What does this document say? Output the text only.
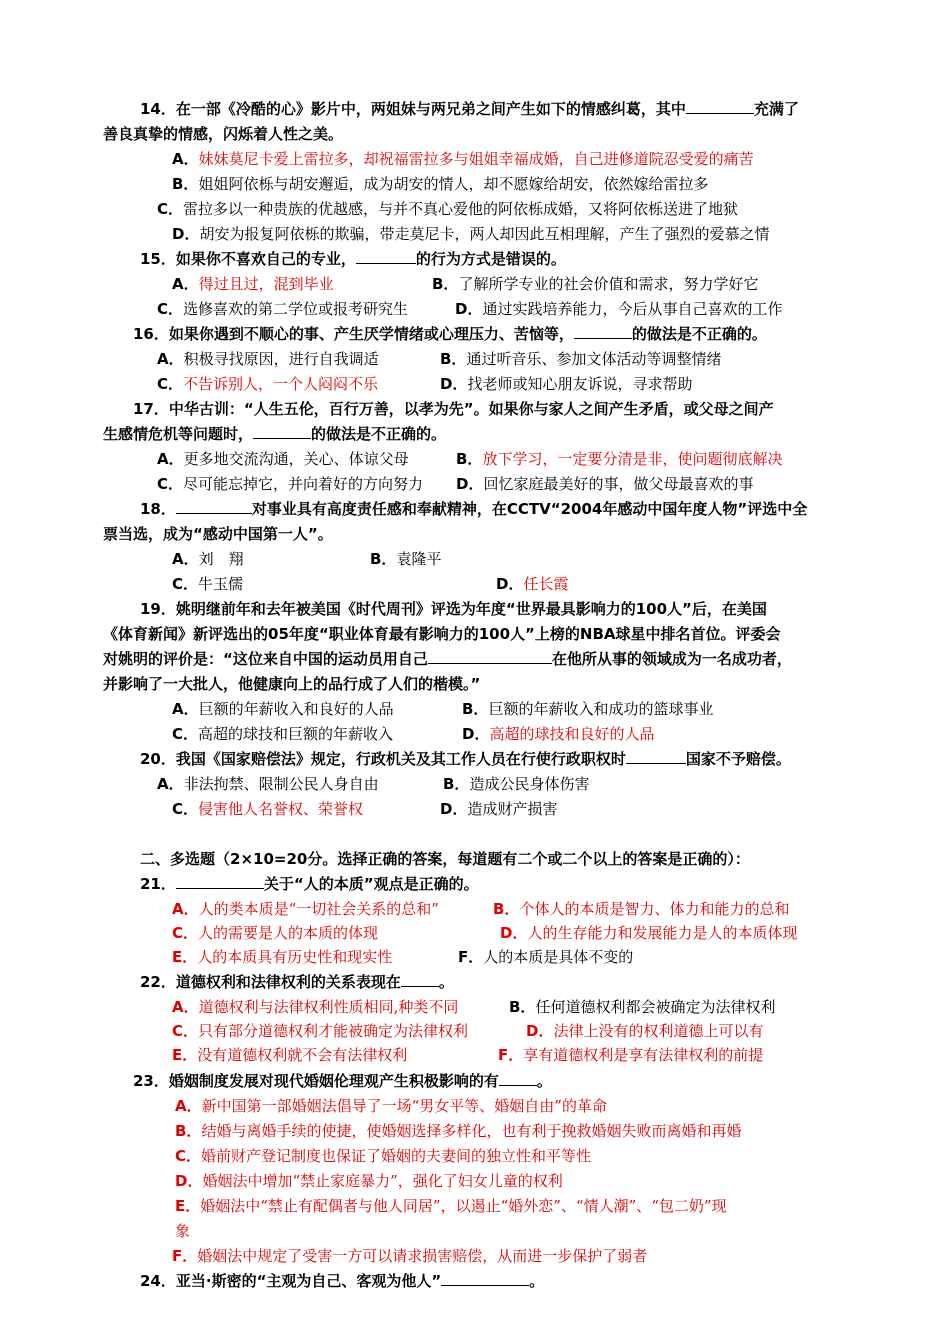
14．在一部《冷酷的心》影片中，两姐妹与两兄弟之间产生如下的情感纠葛，其中	充满了
善良真挚的情感，闪烁着人性之美。
A．妹妹莫尼卡爱上雷拉多，却祝福雷拉多与姐姐幸福成婚，自己进修道院忍受爱的痛苦
B．姐姐阿依栎与胡安邂逅，成为胡安的情人，却不愿嫁给胡安，依然嫁给雷拉多
C．雷拉多以一种贵族的优越感，与并不真心爱他的阿依栎成婚，又将阿依栎送进了地狱
D．胡安为报复阿依栎的欺骗，带走莫尼卡，两人却因此互相理解，产生了强烈的爱慕之情
15．如果你不喜欢自己的专业，	的行为方式是错误的。
A．得过且过，混到毕业	B．了解所学专业的社会价值和需求，努力学好它
C．选修喜欢的第二学位或报考研究生	D．通过实践培养能力，今后从事自己喜欢的工作
16．如果你遇到不顺心的事、产生厌学情绪或心理压力、苦恼等，	的做法是不正确的。
A．积极寻找原因，进行自我调适	B．通过听音乐、参加文体活动等调整情绪
C．不告诉别人，一个人闷闷不乐	D．找老师或知心朋友诉说，寻求帮助
17．中华古训：“人生五伦，百行万善，以孝为先”。如果你与家人之间产生矛盾，或父母之间产
生感情危机等问题时，	的做法是不正确的。
A．更多地交流沟通，关心、体谅父母	B．放下学习，一定要分清是非，使问题彻底解决
C．尽可能忘掉它，并向着好的方向努力 D．回忆家庭最美好的事，做父母最喜欢的事
18．	对事业具有高度责任感和奉献精神，在CCTV“2004年感动中国年度人物”评选中全
票当选，成为“感动中国第一人”。
A．刘　翔	B．袁隆平
C．牛玉儒	D．任长霞
19．姚明继前年和去年被美国《时代周刊》评选为年度“世界最具影响力的100人”后，在美国
《体育新闻》新评选出的05年度“职业体育最有影响力的100人”上榜的NBA球星中排名首位。评委会
对姚明的评价是：“这位来自中国的运动员用自己	在他所从事的领域成为一名成功者，
并影响了一大批人，他健康向上的品行成了人们的楷模。”
A．巨额的年薪收入和良好的人品	B．巨额的年薪收入和成功的篮球事业
C．高超的球技和巨额的年薪收入	D．高超的球技和良好的人品
20．我国《国家赔偿法》规定，行政机关及其工作人员在行使行政职权时	国家不予赔偿。
A．非法拘禁、限制公民人身自由	B．造成公民身体伤害
C．侵害他人名誉权、荣誉权	D．造成财产损害
二、多选题（2×10=20分。选择正确的答案，每道题有二个或二个以上的答案是正确的）：
21．	关于“人的本质”观点是正确的。
A．人的类本质是“一切社会关系的总和”	B．个体人的本质是智力、体力和能力的总和
C．人的需要是人的本质的体现	D．人的生存能力和发展能力是人的本质体现
E．人的本质具有历史性和现实性	F．人的本质是具体不变的
22．道德权利和法律权利的关系表现在	。
A．道德权利与法律权利性质相同,种类不同	B．任何道德权利都会被确定为法律权利
C．只有部分道德权利才能被确定为法律权利	D．法律上没有的权利道德上可以有
E．没有道德权利就不会有法律权利	F．享有道德权利是享有法律权利的前提
23．婚姻制度发展对现代婚姻伦理观产生积极影响的有	。
A．新中国第一部婚姻法倡导了一场“男女平等、婚姻自由”的革命
B．结婚与离婚手续的使捷，使婚姻选择多样化，也有利于挽救婚姻失败而离婚和再婚
C．婚前财产登记制度也保证了婚姻的夫妻间的独立性和平等性
D．婚姻法中增加“禁止家庭暴力”，强化了妇女儿童的权利
E．婚姻法中“禁止有配偶者与他人同居”，以遏止“婚外恋”、“情人潮”、“包二奶”现
象
F．婚姻法中规定了受害一方可以请求损害赔偿，从而进一步保护了弱者
24．亚当·斯密的“主观为自己、客观为他人”	。
